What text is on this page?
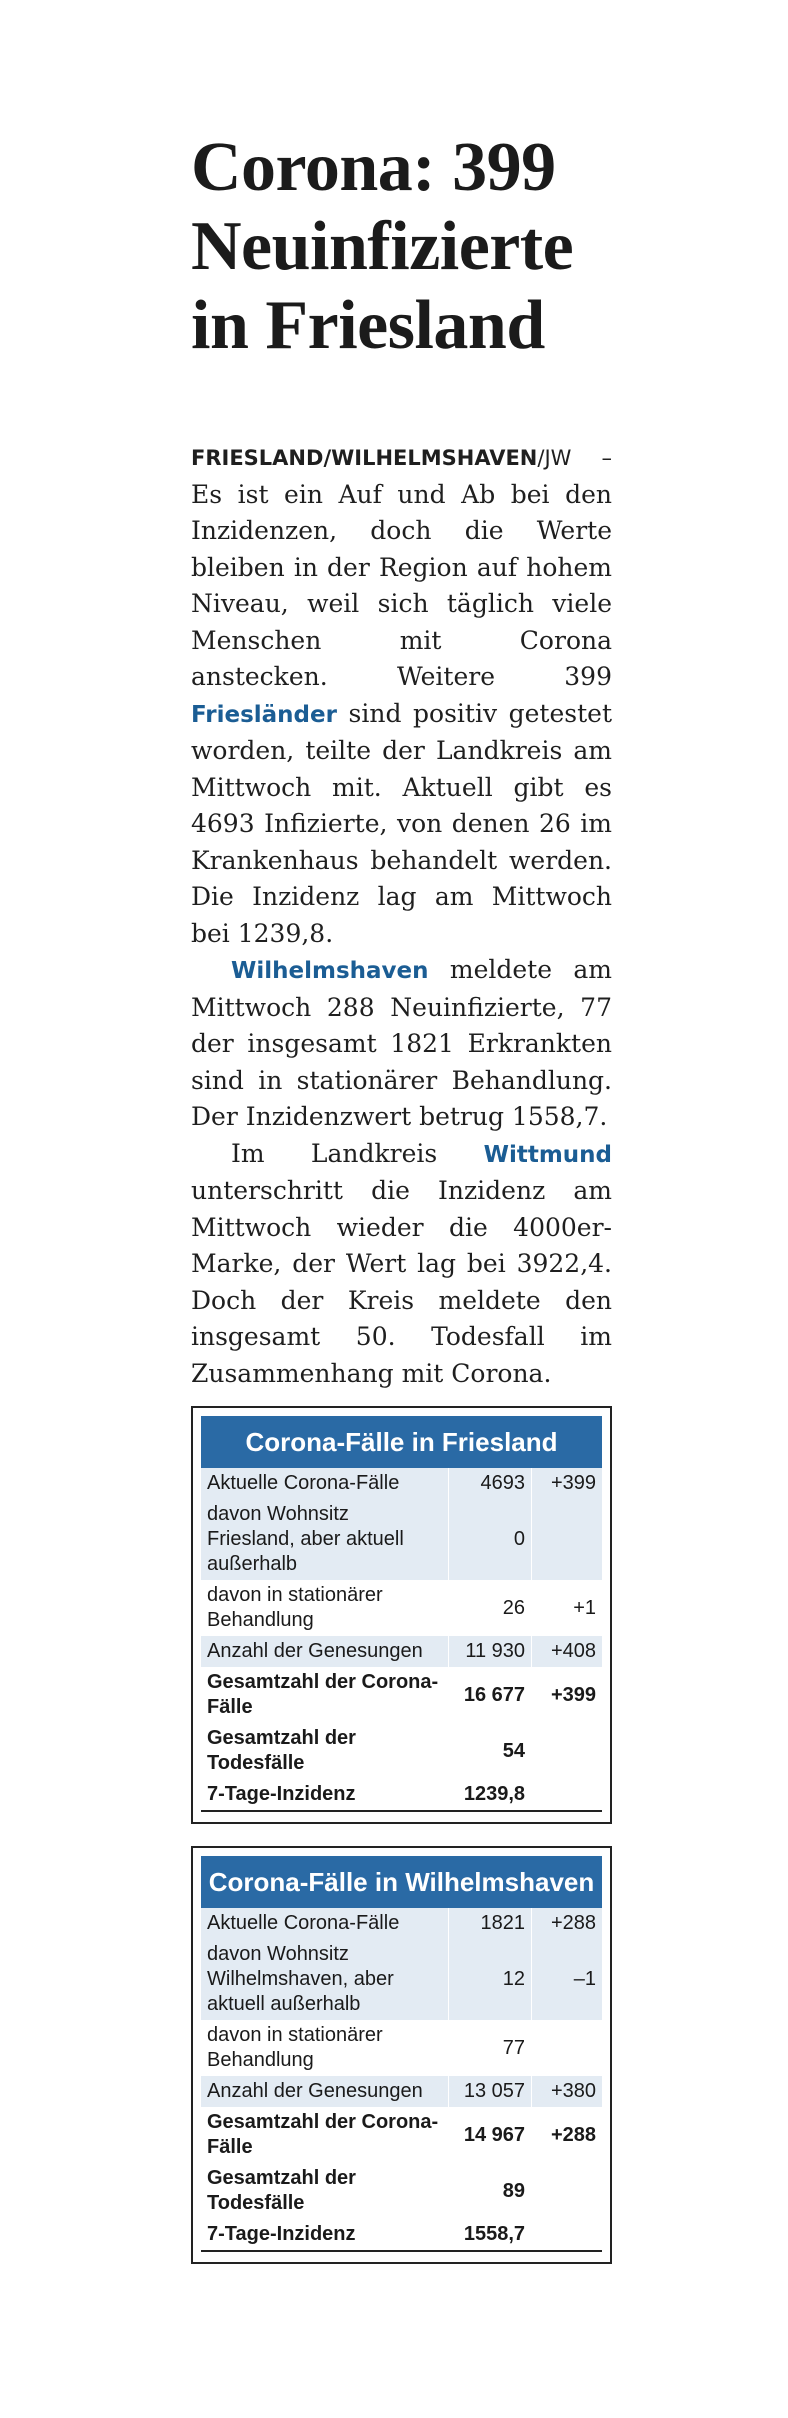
Corona: 399
Neuinfizierte
in Friesland

FRIESLAND/WILHELMSHAVEN/JW – Es ist ein Auf und Ab bei den Inzidenzen, doch die Werte bleiben in der Region auf hohem Niveau, weil sich täglich viele Menschen mit Corona anstecken. Weitere 399 Friesländer sind positiv getestet worden, teilte der Landkreis am Mittwoch mit. Aktuell gibt es 4693 Infizierte, von denen 26 im Krankenhaus behandelt werden. Die Inzidenz lag am Mittwoch bei 1239,8.

Wilhelmshaven meldete am Mittwoch 288 Neuinfizierte, 77 der insgesamt 1821 Erkrankten sind in stationärer Behandlung. Der Inzidenzwert betrug 1558,7.

Im Landkreis Wittmund unterschritt die Inzidenz am Mittwoch wieder die 4000er-Marke, der Wert lag bei 3922,4. Doch der Kreis meldete den insgesamt 50. Todesfall im Zusammenhang mit Corona.

Corona-Fälle in Friesland
Aktuelle Corona-Fälle	4693	+399
davon Wohnsitz Friesland, aber aktuell außerhalb	0	
davon in stationärer Behandlung	26	+1
Anzahl der Genesungen	11 930	+408
Gesamtzahl der Corona-Fälle	16 677	+399
Gesamtzahl der Todesfälle	54	
7-Tage-Inzidenz	1239,8	
Corona-Fälle in Wilhelmshaven
Aktuelle Corona-Fälle	1821	+288
davon Wohnsitz Wilhelmshaven, aber aktuell außerhalb	12	–1
davon in stationärer Behandlung	77	
Anzahl der Genesungen	13 057	+380
Gesamtzahl der Corona-Fälle	14 967	+288
Gesamtzahl der Todesfälle	89	
7-Tage-Inzidenz	1558,7	
